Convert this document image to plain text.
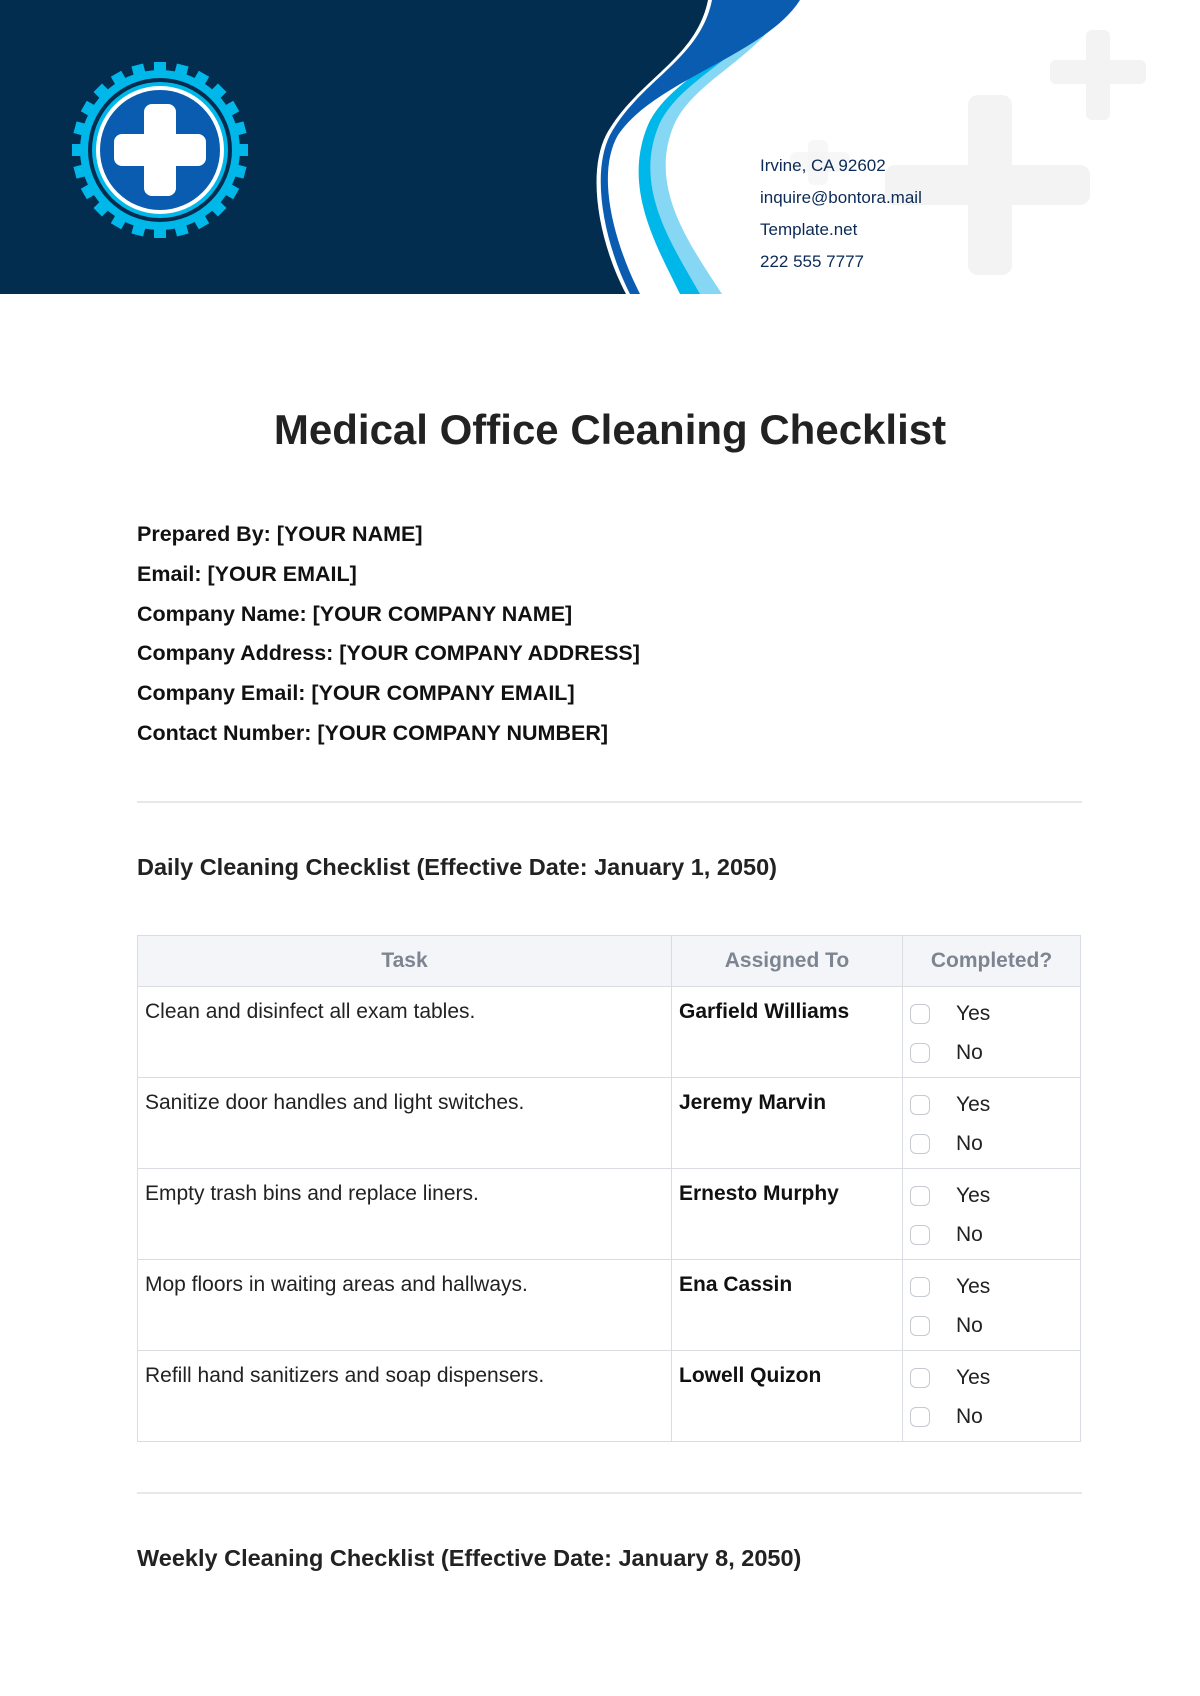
Irvine, CA 92602
inquire@bontora.mail
Template.net
222 555 7777
Medical Office Cleaning Checklist
Prepared By: [YOUR NAME]
Email: [YOUR EMAIL]
Company Name: [YOUR COMPANY NAME]
Company Address: [YOUR COMPANY ADDRESS]
Company Email: [YOUR COMPANY EMAIL]
Contact Number: [YOUR COMPANY NUMBER]
Daily Cleaning Checklist (Effective Date: January 1, 2050)
Task	Assigned To	Completed?

Clean and disinfect all exam tables.	Garfield Williams	Yes
No

Sanitize door handles and light switches.	Jeremy Marvin	Yes
No

Empty trash bins and replace liners.	Ernesto Murphy	Yes
No

Mop floors in waiting areas and hallways.	Ena Cassin	Yes
No

Refill hand sanitizers and soap dispensers.	Lowell Quizon	Yes
No
Weekly Cleaning Checklist (Effective Date: January 8, 2050)
